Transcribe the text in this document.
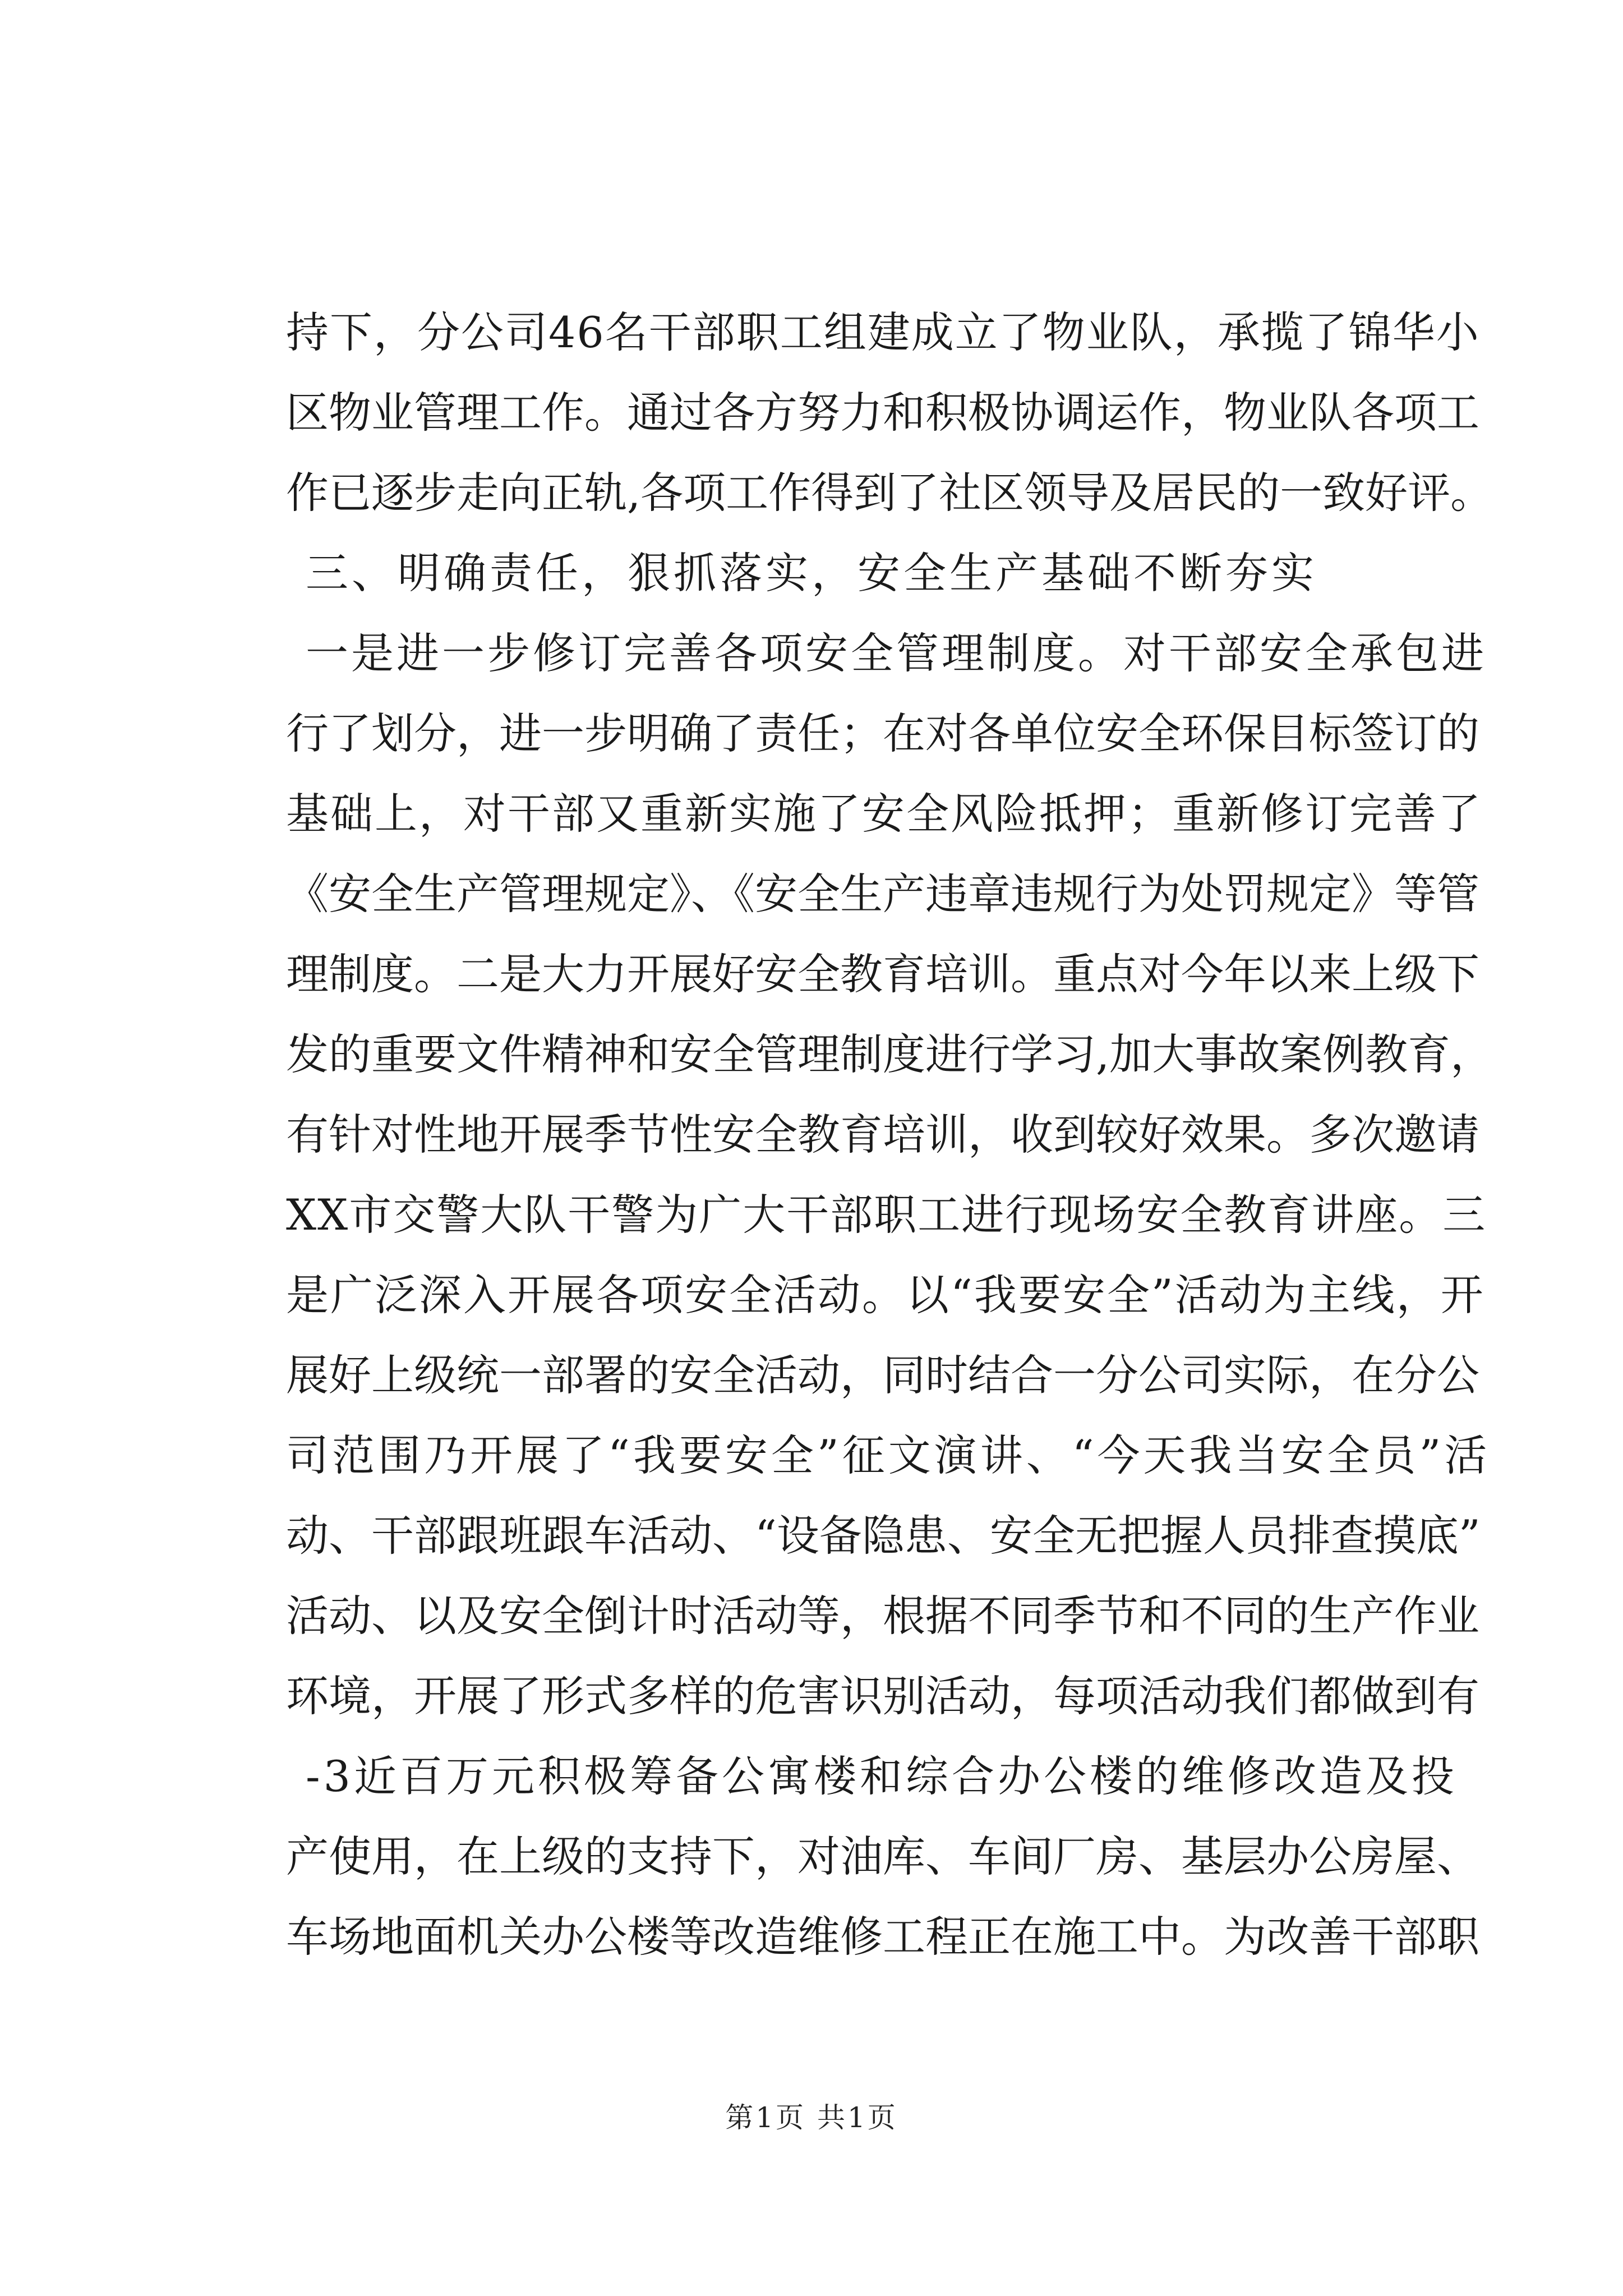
持下，分公司46名干部职工组建成立了物业队，承揽了锦华小
区物业管理工作。通过各方努力和积极协调运作，物业队各项工
作已逐步走向正轨,各项工作得到了社区领导及居民的一致好评。
三、明确责任，狠抓落实，安全生产基础不断夯实
一是进一步修订完善各项安全管理制度。对干部安全承包进
行了划分，进一步明确了责任；在对各单位安全环保目标签订的
基础上，对干部又重新实施了安全风险抵押；重新修订完善了
《安全生产管理规定》、《安全生产违章违规行为处罚规定》等管
理制度。二是大力开展好安全教育培训。重点对今年以来上级下
发的重要文件精神和安全管理制度进行学习,加大事故案例教育，
有针对性地开展季节性安全教育培训，收到较好效果。多次邀请
XX市交警大队干警为广大干部职工进行现场安全教育讲座。三
是广泛深入开展各项安全活动。以“我要安全”活动为主线，开
展好上级统一部署的安全活动，同时结合一分公司实际，在分公
司范围乃开展了“我要安全”征文演讲、“今天我当安全员”活
动、干部跟班跟车活动、“设备隐患、安全无把握人员排查摸底”
活动、以及安全倒计时活动等，根据不同季节和不同的生产作业
环境，开展了形式多样的危害识别活动，每项活动我们都做到有
-3近百万元积极筹备公寓楼和综合办公楼的维修改造及投
产使用，在上级的支持下，对油库、车间厂房、基层办公房屋、
车场地面机关办公楼等改造维修工程正在施工中。为改善干部职
第1页 共1页
